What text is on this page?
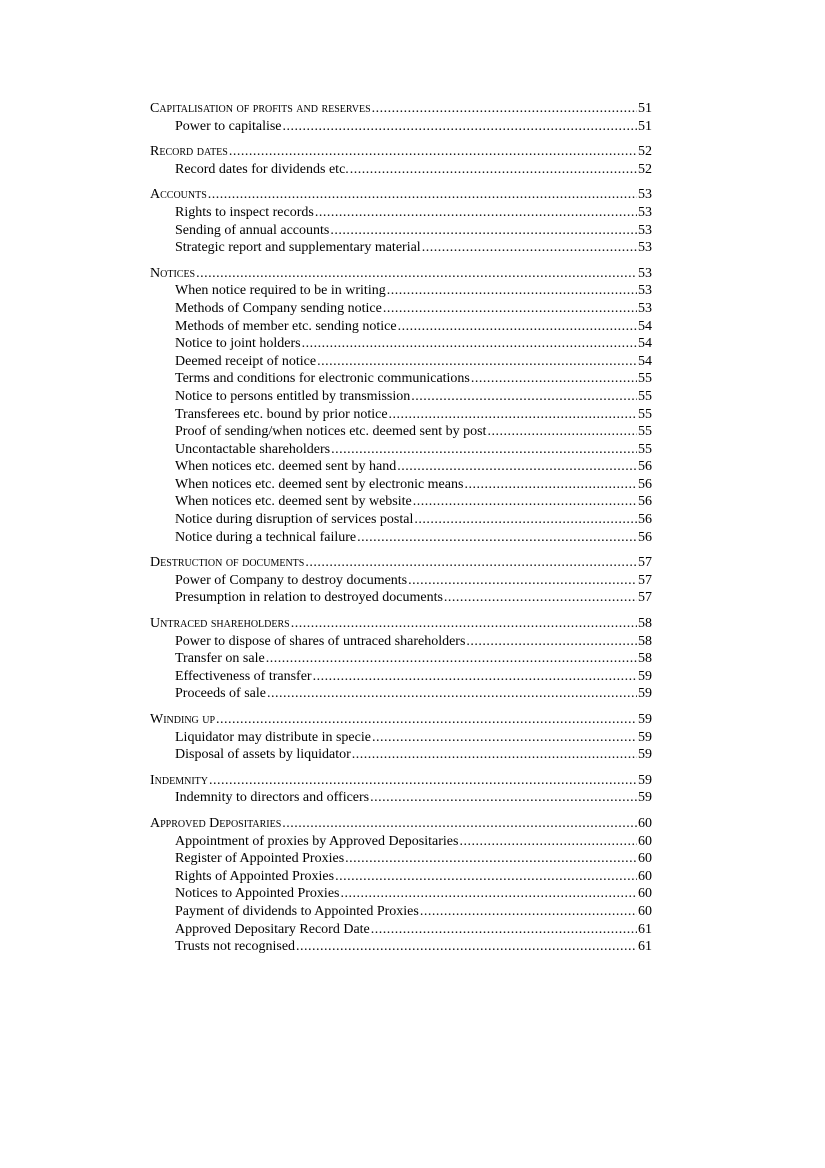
Capitalisation of profits and reserves .....	51
Power to capitalise .....	51
Record dates .....	52
Record dates for dividends etc. .....	52
Accounts .....	53
Rights to inspect records .....	53
Sending of annual accounts .....	53
Strategic report and supplementary material .....	53
Notices .....	53
When notice required to be in writing .....	53
Methods of Company sending notice .....	53
Methods of member etc. sending notice .....	54
Notice to joint holders .....	54
Deemed receipt of notice .....	54
Terms and conditions for electronic communications .....	55
Notice to persons entitled by transmission .....	55
Transferees etc. bound by prior notice .....	55
Proof of sending/when notices etc. deemed sent by post .....	55
Uncontactable shareholders .....	55
When notices etc. deemed sent by hand .....	56
When notices etc. deemed sent by electronic means .....	56
When notices etc. deemed sent by website .....	56
Notice during disruption of services postal .....	56
Notice during a technical failure .....	56
Destruction of documents .....	57
Power of Company to destroy documents .....	57
Presumption in relation to destroyed documents .....	57
Untraced shareholders .....	58
Power to dispose of shares of untraced shareholders .....	58
Transfer on sale .....	58
Effectiveness of transfer .....	59
Proceeds of sale .....	59
Winding up .....	59
Liquidator may distribute in specie .....	59
Disposal of assets by liquidator .....	59
Indemnity .....	59
Indemnity to directors and officers .....	59
Approved Depositaries .....	60
Appointment of proxies by Approved Depositaries .....	60
Register of Appointed Proxies .....	60
Rights of Appointed Proxies .....	60
Notices to Appointed Proxies .....	60
Payment of dividends to Appointed Proxies .....	60
Approved Depositary Record Date .....	61
Trusts not recognised .....	61
